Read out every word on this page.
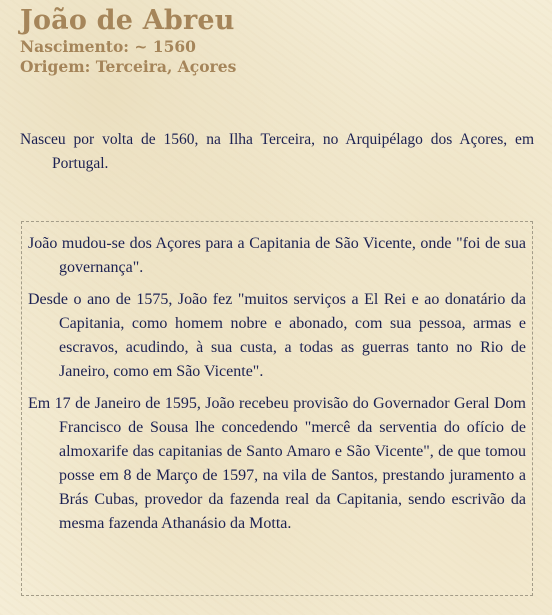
João de Abreu
Nascimento: ~ 1560
Origem: Terceira, Açores
Nasceu por volta de 1560, na Ilha Terceira, no Arquipélago dos Açores, em Portugal.
João mudou-se dos Açores para a Capitania de São Vicente, onde "foi de sua governança".
Desde o ano de 1575, João fez "muitos serviços a El Rei e ao donatário da Capitania, como homem nobre e abonado, com sua pessoa, armas e escravos, acudindo, à sua custa, a todas as guerras tanto no Rio de Janeiro, como em São Vicente".
Em 17 de Janeiro de 1595, João recebeu provisão do Governador Geral Dom Francisco de Sousa lhe concedendo "mercê da serventia do ofício de almoxarife das capitanias de Santo Amaro e São Vicente", de que tomou posse em 8 de Março de 1597, na vila de Santos, prestando juramento a Brás Cubas, provedor da fazenda real da Capitania, sendo escrivão da mesma fazenda Athanásio da Motta.
